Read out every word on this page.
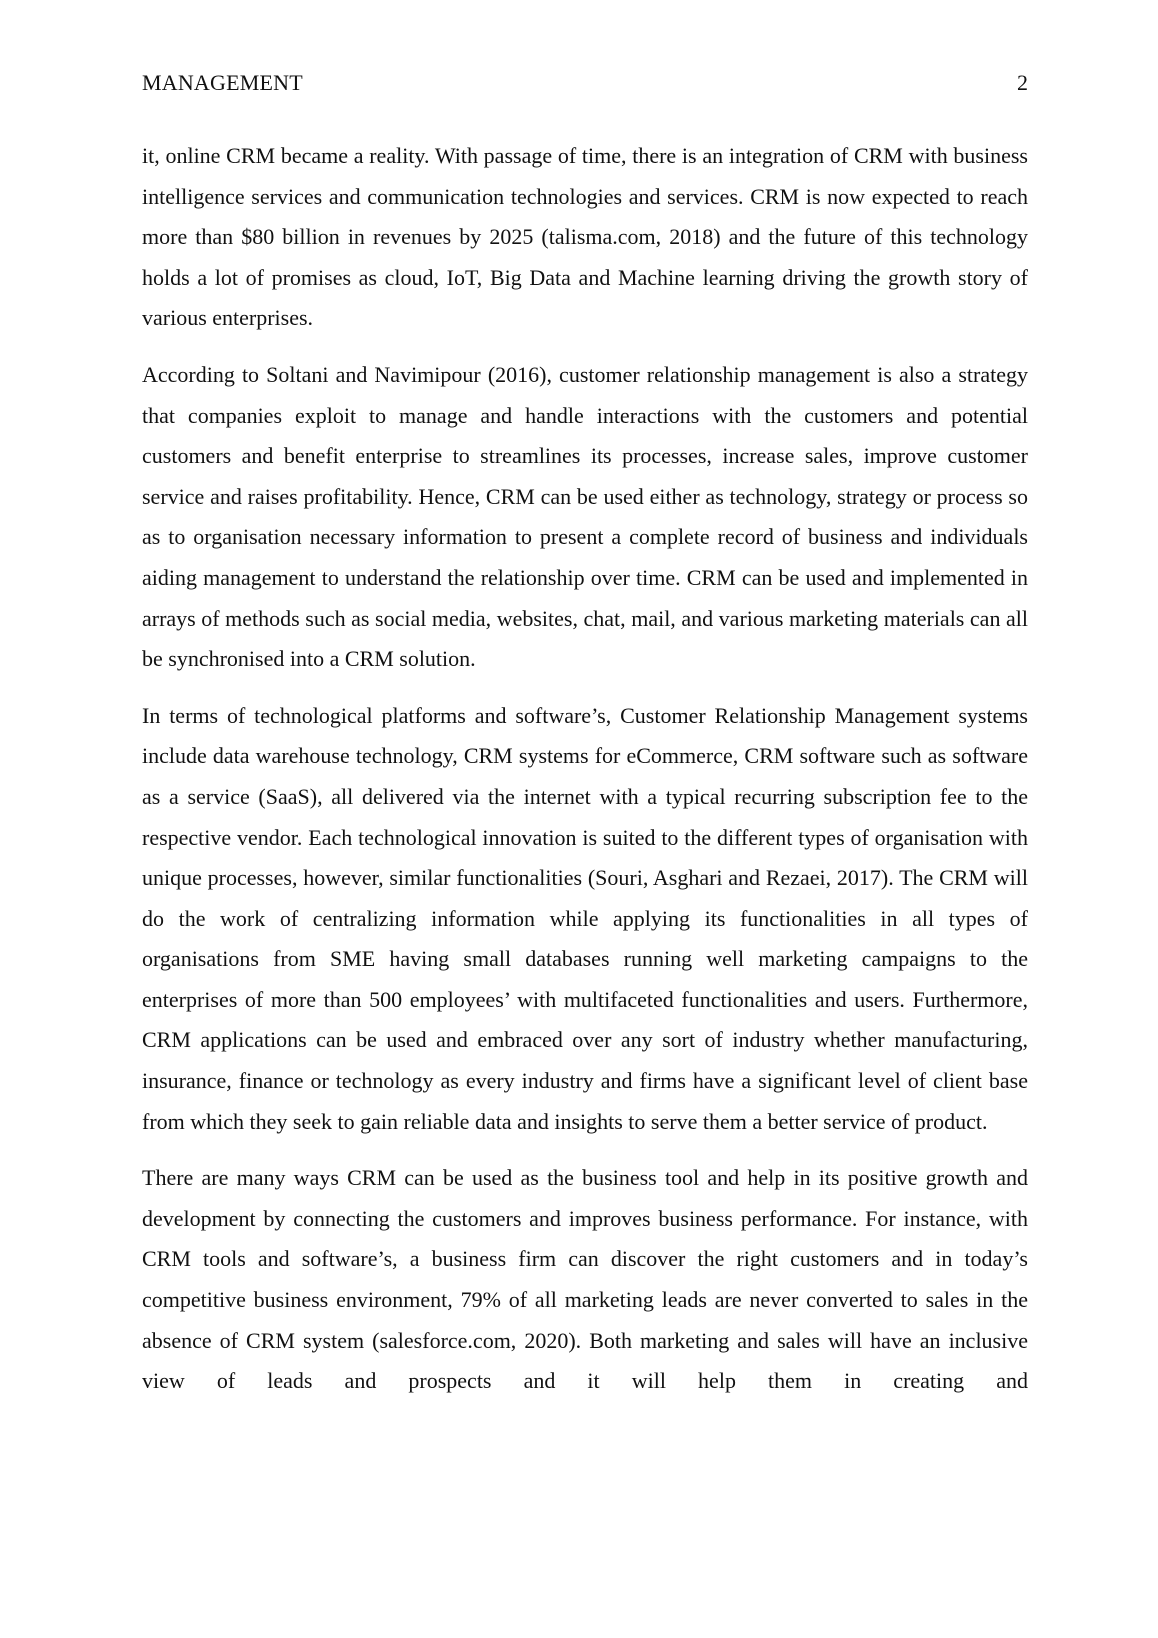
MANAGEMENT	2

it, online CRM became a reality. With passage of time, there is an integration of CRM with business intelligence services and communication technologies and services. CRM is now expected to reach more than $80 billion in revenues by 2025 (talisma.com, 2018) and the future of this technology holds a lot of promises as cloud, IoT, Big Data and Machine learning driving the growth story of various enterprises.

According to Soltani and Navimipour (2016), customer relationship management is also a strategy that companies exploit to manage and handle interactions with the customers and potential customers and benefit enterprise to streamlines its processes, increase sales, improve customer service and raises profitability. Hence, CRM can be used either as technology, strategy or process so as to organisation necessary information to present a complete record of business and individuals aiding management to understand the relationship over time. CRM can be used and implemented in arrays of methods such as social media, websites, chat, mail, and various marketing materials can all be synchronised into a CRM solution.

In terms of technological platforms and software’s, Customer Relationship Management systems include data warehouse technology, CRM systems for eCommerce, CRM software such as software as a service (SaaS), all delivered via the internet with a typical recurring subscription fee to the respective vendor. Each technological innovation is suited to the different types of organisation with unique processes, however, similar functionalities (Souri, Asghari and Rezaei, 2017). The CRM will do the work of centralizing information while applying its functionalities in all types of organisations from SME having small databases running well marketing campaigns to the enterprises of more than 500 employees’ with multifaceted functionalities and users. Furthermore, CRM applications can be used and embraced over any sort of industry whether manufacturing, insurance, finance or technology as every industry and firms have a significant level of client base from which they seek to gain reliable data and insights to serve them a better service of product.

There are many ways CRM can be used as the business tool and help in its positive growth and development by connecting the customers and improves business performance. For instance, with CRM tools and software’s, a business firm can discover the right customers and in today’s competitive business environment, 79% of all marketing leads are never converted to sales in the absence of CRM system (salesforce.com, 2020). Both marketing and sales will have an inclusive view of leads and prospects and it will help them in creating and
